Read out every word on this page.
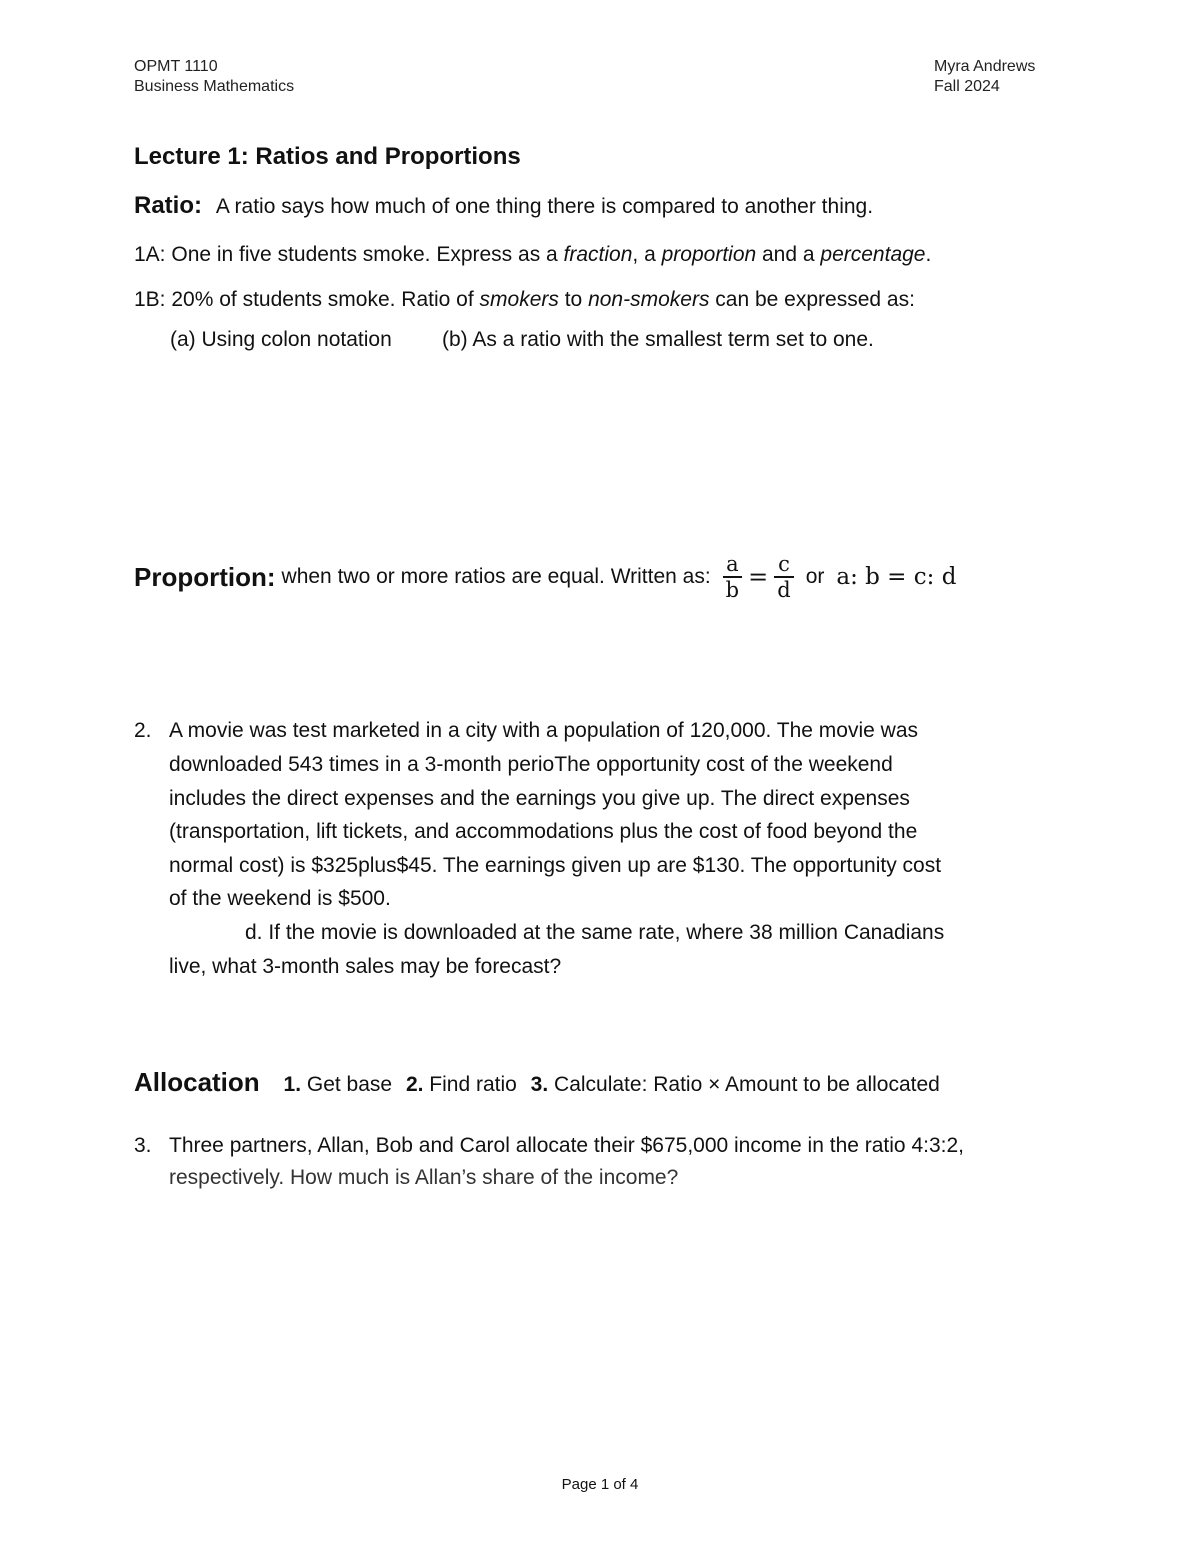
OPMT 1110
Business Mathematics
Myra Andrews
Fall 2024
Lecture 1: Ratios and Proportions
Ratio: A ratio says how much of one thing there is compared to another thing.
1A: One in five students smoke. Express as a fraction, a proportion and a percentage.
1B: 20% of students smoke. Ratio of smokers to non-smokers can be expressed as:
(a) Using colon notation (b) As a ratio with the smallest term set to one.
Proportion: when two or more ratios are equal. Written as: $\frac{a}{b} = \frac{c}{d}$ or a: b = c: d
2. A movie was test marketed in a city with a population of 120,000. The movie was
downloaded 543 times in a 3-month perioThe opportunity cost of the weekend
includes the direct expenses and the earnings you give up. The direct expenses
(transportation, lift tickets, and accommodations plus the cost of food beyond the
normal cost) is $325plus$45. The earnings given up are $130. The opportunity cost
of the weekend is $500.
d. If the movie is downloaded at the same rate, where 38 million Canadians
live, what 3-month sales may be forecast?
Allocation 1. Get base 2. Find ratio 3. Calculate: Ratio × Amount to be allocated
3. Three partners, Allan, Bob and Carol allocate their $675,000 income in the ratio 4:3:2,
respectively. How much is Allan’s share of the income?
Page 1 of 4
